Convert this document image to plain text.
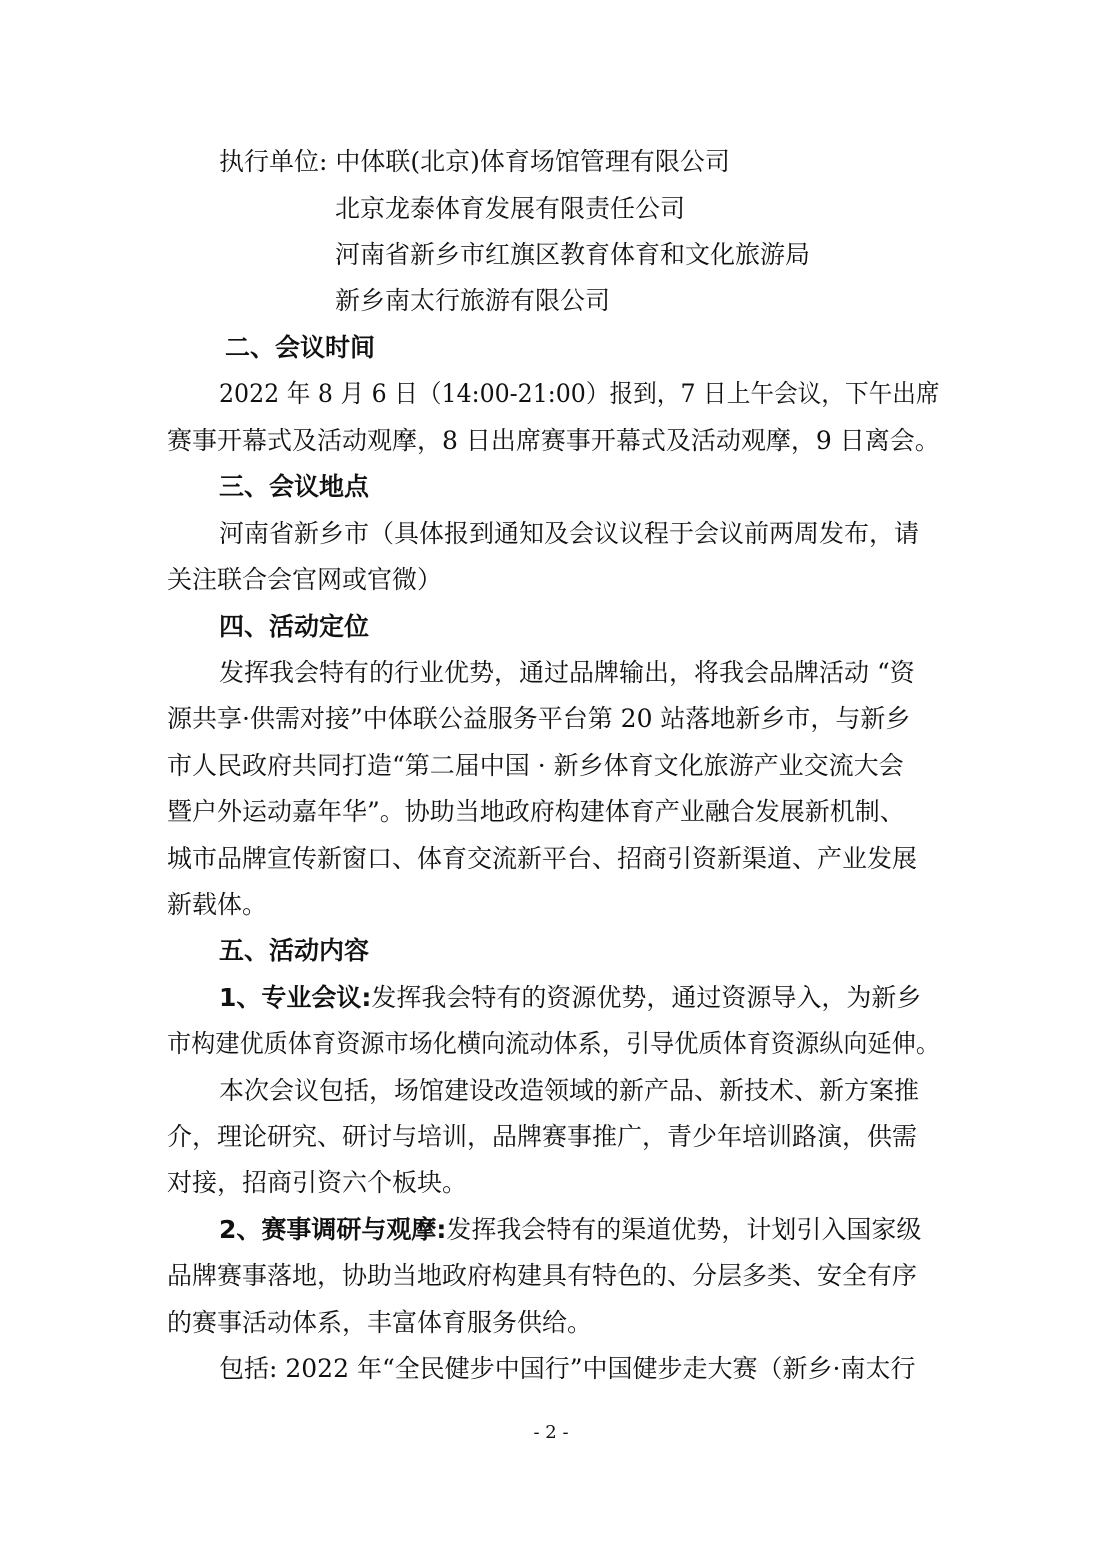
执行单位: 中体联(北京)体育场馆管理有限公司
北京龙泰体育发展有限责任公司
河南省新乡市红旗区教育体育和文化旅游局
新乡南太行旅游有限公司
二、会议时间
2022 年 8 月 6 日（14:00-21:00）报到，7 日上午会议，下午出席
赛事开幕式及活动观摩，8 日出席赛事开幕式及活动观摩，9 日离会。
三、会议地点
河南省新乡市（具体报到通知及会议议程于会议前两周发布，请
关注联合会官网或官微）
四、活动定位
发挥我会特有的行业优势，通过品牌输出，将我会品牌活动 “资
源共享·供需对接”中体联公益服务平台第 20 站落地新乡市，与新乡
市人民政府共同打造“第二届中国 · 新乡体育文化旅游产业交流大会
暨户外运动嘉年华”。协助当地政府构建体育产业融合发展新机制、
城市品牌宣传新窗口、体育交流新平台、招商引资新渠道、产业发展
新载体。
五、活动内容
1、专业会议:发挥我会特有的资源优势，通过资源导入，为新乡
市构建优质体育资源市场化横向流动体系，引导优质体育资源纵向延伸。
本次会议包括，场馆建设改造领域的新产品、新技术、新方案推
介，理论研究、研讨与培训，品牌赛事推广，青少年培训路演，供需
对接，招商引资六个板块。
2、赛事调研与观摩:发挥我会特有的渠道优势，计划引入国家级
品牌赛事落地，协助当地政府构建具有特色的、分层多类、安全有序
的赛事活动体系，丰富体育服务供给。
包括: 2022 年“全民健步中国行”中国健步走大赛（新乡·南太行
- 2 -
